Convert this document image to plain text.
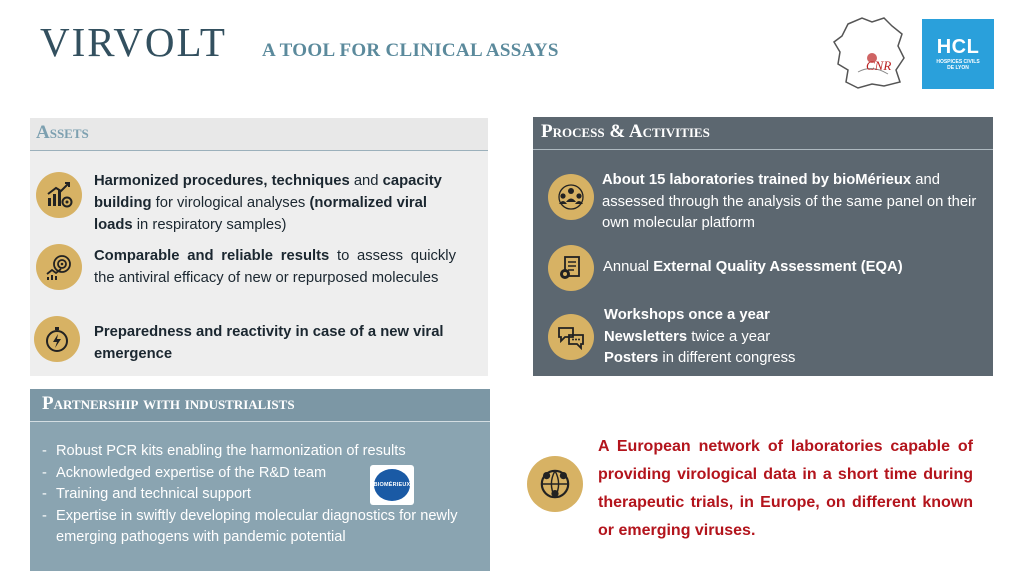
VIRVOLT A TOOL FOR CLINICAL ASSAYS
CNR
HCL
HOSPICES CIVILS
DE LYON
Assets
Harmonized procedures, techniques and capacity building for virological analyses (normalized viral loads in respiratory samples)
Comparable and reliable results to assess quickly the antiviral efficacy of new or repurposed molecules
Preparedness and reactivity in case of a new viral emergence
Process & Activities
About 15 laboratories trained by bioMérieux and assessed through the analysis of the same panel on their own molecular platform
Annual External Quality Assessment (EQA)
Workshops once a year
Newsletters twice a year
Posters in different congress
Partnership with industrialists
- Robust PCR kits enabling the harmonization of results
- Acknowledged expertise of the R&D team
- Training and technical support
- Expertise in swiftly developing molecular diagnostics for newly emerging pathogens with pandemic potential
BIOMÉRIEUX
A European network of laboratories capable of providing virological data in a short time during therapeutic trials, in Europe, on different known or emerging viruses.
